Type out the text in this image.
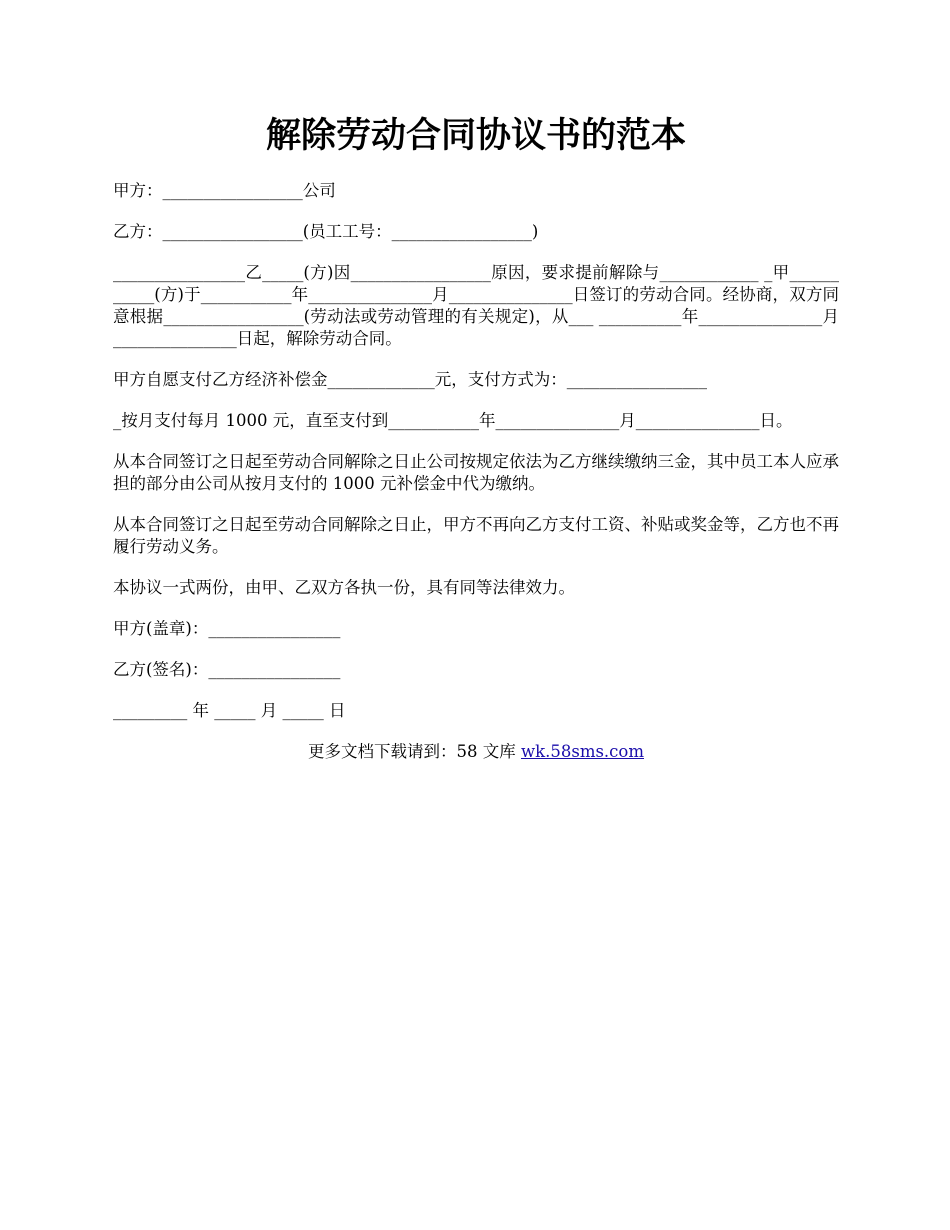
解除劳动合同协议书的范本

甲方：_________________公司

乙方：_________________(员工工号：_________________)

________________乙_____(方)因_________________原因，要求提前解除与____________ _甲___________(方)于___________年_______________月_______________日签订的劳动合同。经协商，双方同意根据_________________(劳动法或劳动管理的有关规定)，从___ __________年_______________月_______________日起，解除劳动合同。

甲方自愿支付乙方经济补偿金_____________元，支付方式为：_________________

_按月支付每月 1000 元，直至支付到___________年_______________月_______________日。

从本合同签订之日起至劳动合同解除之日止公司按规定依法为乙方继续缴纳三金，其中员工本人应承担的部分由公司从按月支付的 1000 元补偿金中代为缴纳。

从本合同签订之日起至劳动合同解除之日止，甲方不再向乙方支付工资、补贴或奖金等，乙方也不再履行劳动义务。

本协议一式两份，由甲、乙双方各执一份，具有同等法律效力。

甲方(盖章)：________________

乙方(签名)：________________

_________ 年 _____ 月 _____ 日

更多文档下载请到：58 文库 wk.58sms.com
